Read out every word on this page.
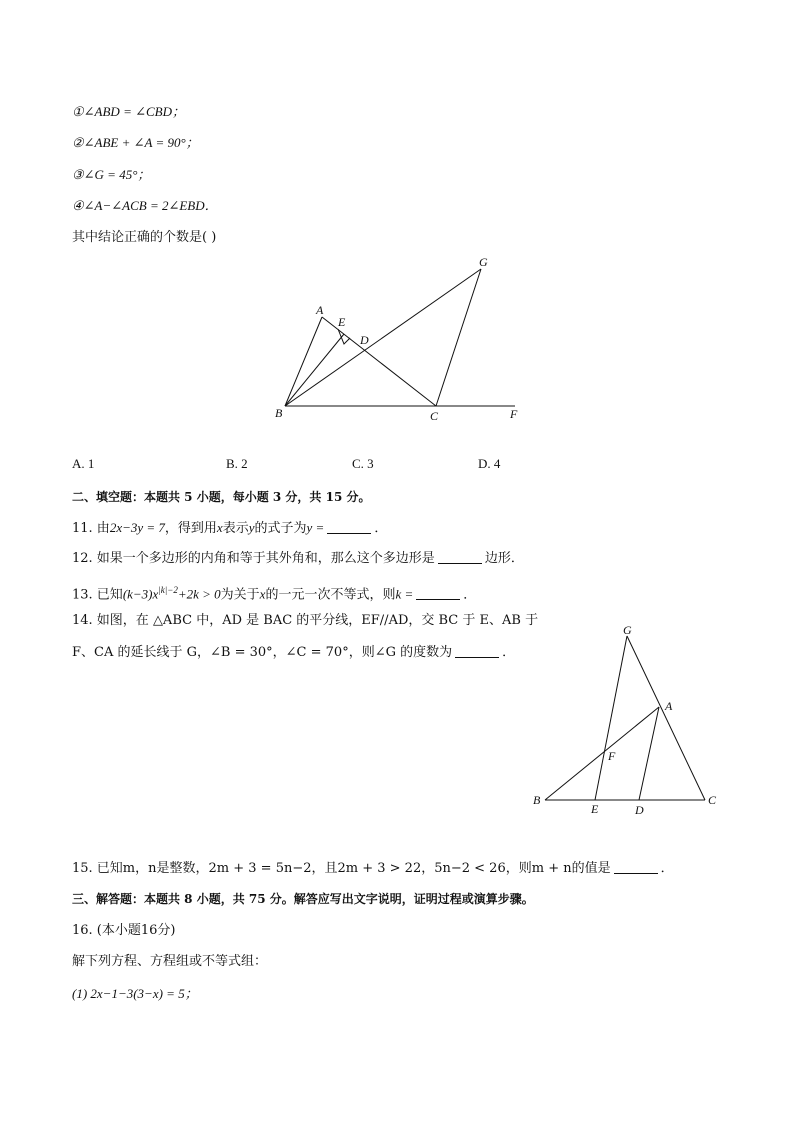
①∠ABD = ∠CBD；
②∠ABE + ∠A = 90°；
③∠G = 45°；
④∠A−∠ACB = 2∠EBD．
其中结论正确的个数是( )
A
E
D
G
B	C	F
A. 1	B. 2	C. 3	D. 4
二、填空题：本题共 5 小题，每小题 3 分，共 15 分。
11. 由2x−3y = 7，得到用x表示y的式子为y =	．
12. 如果一个多边形的内角和等于其外角和，那么这个多边形是	边形．
13. 已知$(k-3)x^{|k|-2}+2k > 0$为关于x的一元一次不等式，则k =	．
14. 如图，在 △ABC 中，AD 是 BAC 的平分线，EF//AD，交 BC 于 E、AB 于
F、CA 的延长线于 G，∠B = 30°，∠C = 70°，则∠G 的度数为	．
G
A
F
B
E	D
C
15. 已知m，n是整数，2m + 3 = 5n−2，且2m + 3 > 22，5n−2 < 26，则m + n的值是	．
三、解答题：本题共 8 小题，共 75 分。解答应写出文字说明，证明过程或演算步骤。
16. (本小题16分)
解下列方程、方程组或不等式组：
(1) 2x−1−3(3−x) = 5；
